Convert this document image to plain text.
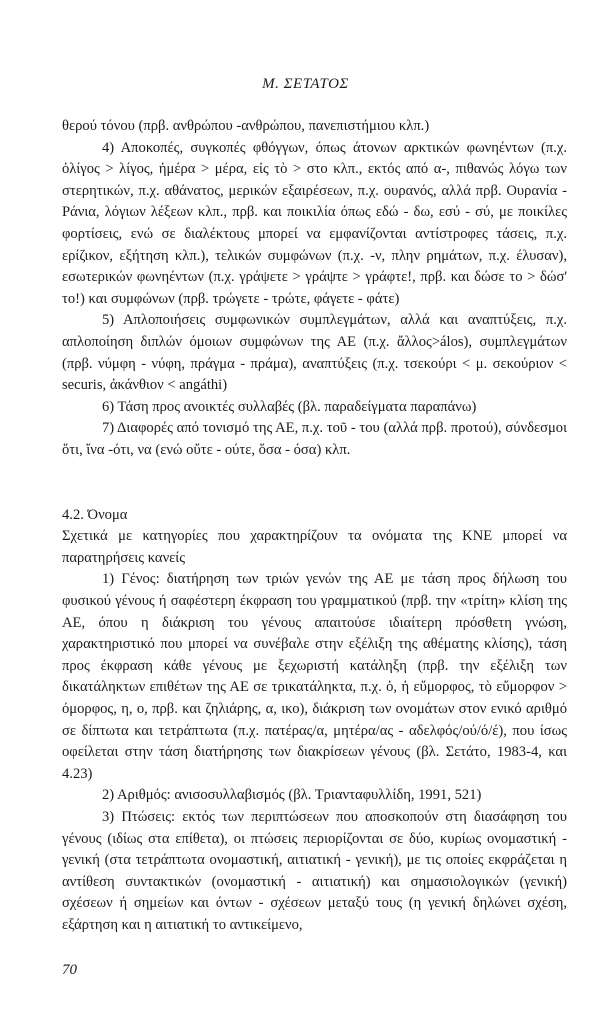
Μ. ΣΕΤΑΤΟΣ

θερού τόνου (πρβ. ανθρώπου -ανθρώπου, πανεπιστήμιου κλπ.)

4) Αποκοπές, συγκοπές φθόγγων, όπως άτονων αρκτικών φωνηέντων (π.χ. ὀλίγος > λίγος, ἡμέρα > μέρα, εἰς τὸ > στο κλπ., εκτός από α-, πιθανώς λόγω των στερητικών, π.χ. αθάνατος, μερικών εξαιρέσεων, π.χ. ουρανός, αλλά πρβ. Ουρανία - Ράνια, λόγιων λέξεων κλπ., πρβ. και ποικιλία όπως εδώ - δω, εσύ - σύ, με ποικίλες φορτίσεις, ενώ σε διαλέκτους μπορεί να εμφανίζονται αντίστροφες τάσεις, π.χ. ερίζικον, εξήτηση κλπ.), τελικών συμφώνων (π.χ. -ν, πλην ρημάτων, π.χ. έλυσαν), εσωτερικών φωνηέντων (π.χ. γράψετε > γράψτε > γράφτε!, πρβ. και δώσε το > δώσ' το!) και συμφώνων (πρβ. τρώγετε - τρώτε, φάγετε - φάτε)

5) Απλοποιήσεις συμφωνικών συμπλεγμάτων, αλλά και αναπτύξεις, π.χ. απλοποίηση διπλών όμοιων συμφώνων της ΑΕ (π.χ. ἄλλος>álos), συμπλεγμάτων (πρβ. νύμφη - νύφη, πράγμα - πράμα), αναπτύξεις (π.χ. τσεκούρι < μ. σεκούριον < securis, ἀκάνθιον < angáthi)

6) Τάση προς ανοικτές συλλαβές (βλ. παραδείγματα παραπάνω)

7) Διαφορές από τονισμό της ΑΕ, π.χ. τοῦ - του (αλλά πρβ. προτού), σύνδεσμοι ὅτι, ἵνα -ότι, να (ενώ οὔτε - ούτε, ὅσα - όσα) κλπ.

4.2. Όνομα

Σχετικά με κατηγορίες που χαρακτηρίζουν τα ονόματα της ΚΝΕ μπορεί να παρατηρήσεις κανείς

1) Γένος: διατήρηση των τριών γενών της ΑΕ με τάση προς δήλωση του φυσικού γένους ή σαφέστερη έκφραση του γραμματικού (πρβ. την «τρίτη» κλίση της ΑΕ, όπου η διάκριση του γένους απαιτούσε ιδιαίτερη πρόσθετη γνώση, χαρακτηριστικό που μπορεί να συνέβαλε στην εξέλιξη της αθέματης κλίσης), τάση προς έκφραση κάθε γένους με ξεχωριστή κατάληξη (πρβ. την εξέλιξη των δικατάληκτων επιθέτων της ΑΕ σε τρικατάληκτα, π.χ. ὁ, ἡ εὔμορφος, τὸ εὔμορφον > όμορφος, η, ο, πρβ. και ζηλιάρης, α, ικο), διάκριση των ονομάτων στον ενικό αριθμό σε δίπτωτα και τετράπτωτα (π.χ. πατέρας/α, μητέρα/ας - αδελφός/ού/ό/έ), που ίσως οφείλεται στην τάση διατήρησης των διακρίσεων γένους (βλ. Σετάτο, 1983-4, και 4.23)

2) Αριθμός: ανισοσυλλαβισμός (βλ. Τριανταφυλλίδη, 1991, 521)

3) Πτώσεις: εκτός των περιπτώσεων που αποσκοπούν στη διασάφηση του γένους (ιδίως στα επίθετα), οι πτώσεις περιορίζονται σε δύο, κυρίως ονομαστική - γενική (στα τετράπτωτα ονομαστική, αιτιατική - γενική), με τις οποίες εκφράζεται η αντίθεση συντακτικών (ονομαστική - αιτιατική) και σημασιολογικών (γενική) σχέσεων ή σημείων και όντων - σχέσεων μεταξύ τους (η γενική δηλώνει σχέση, εξάρτηση και η αιτιατική το αντικείμενο,

70
